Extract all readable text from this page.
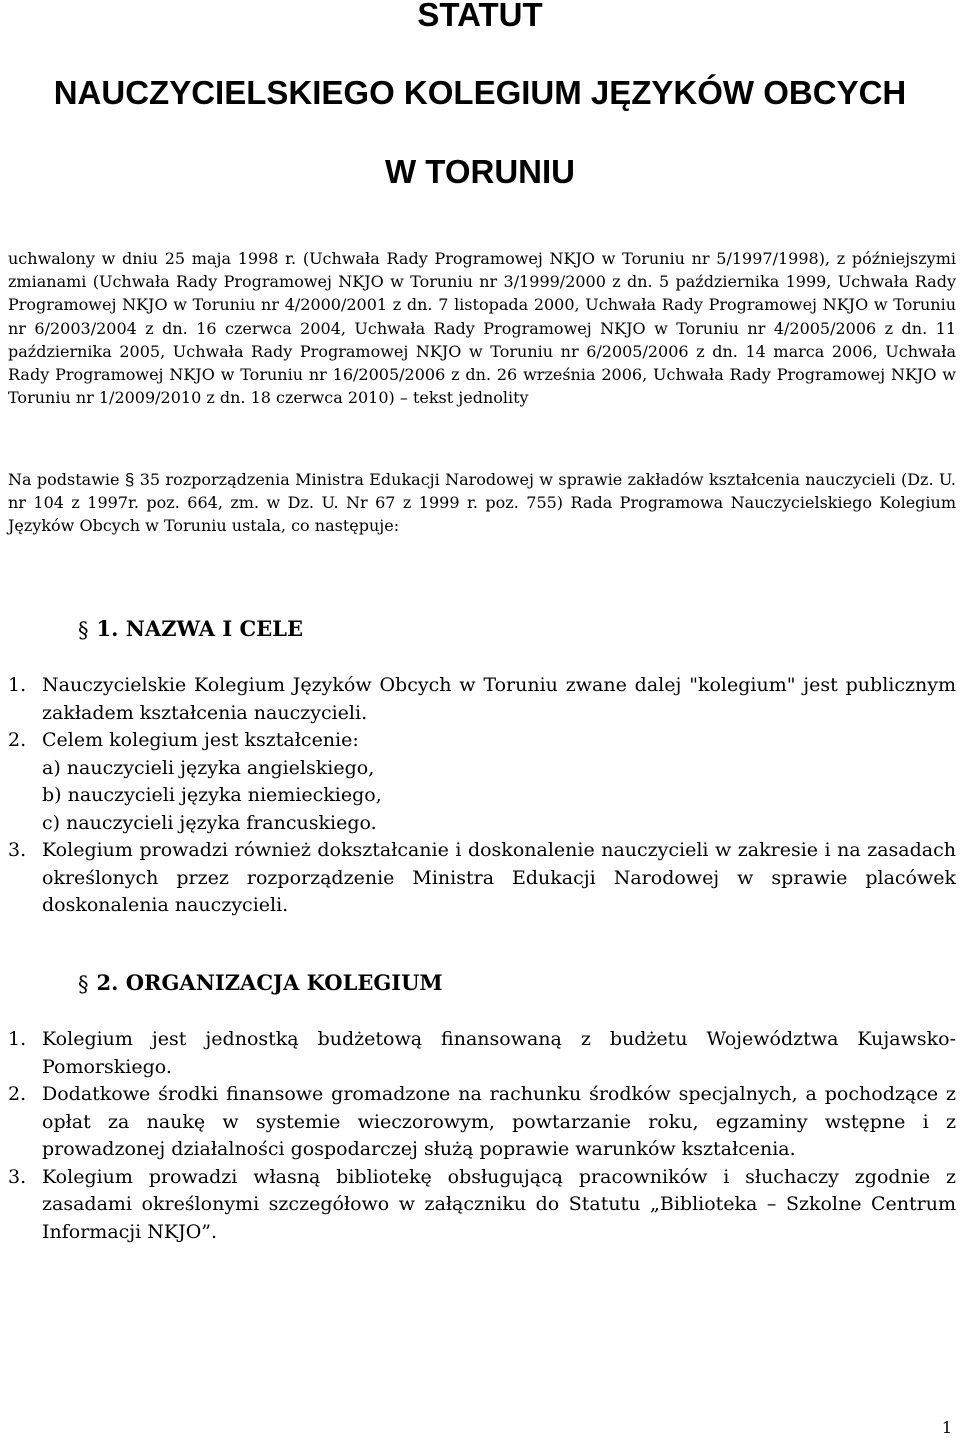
STATUT
NAUCZYCIELSKIEGO KOLEGIUM JĘZYKÓW OBCYCH
W TORUNIU

uchwalony w dniu 25 maja 1998 r. (Uchwała Rady Programowej NKJO w Toruniu nr 5/1997/1998), z późniejszymi zmianami (Uchwała Rady Programowej NKJO w Toruniu nr 3/1999/2000 z dn. 5 października 1999, Uchwała Rady Programowej NKJO w Toruniu nr 4/2000/2001 z dn. 7 listopada 2000, Uchwała Rady Programowej NKJO w Toruniu nr 6/2003/2004 z dn. 16 czerwca 2004, Uchwała Rady Programowej NKJO w Toruniu nr 4/2005/2006 z dn. 11 października 2005, Uchwała Rady Programowej NKJO w Toruniu nr 6/2005/2006 z dn. 14 marca 2006, Uchwała Rady Programowej NKJO w Toruniu nr 16/2005/2006 z dn. 26 września 2006, Uchwała Rady Programowej NKJO w Toruniu nr 1/2009/2010 z dn. 18 czerwca 2010) – tekst jednolity

Na podstawie § 35 rozporządzenia Ministra Edukacji Narodowej w sprawie zakładów kształcenia nauczycieli (Dz. U. nr 104 z 1997r. poz. 664, zm. w Dz. U. Nr 67 z 1999 r. poz. 755) Rada Programowa Nauczycielskiego Kolegium Języków Obcych w Toruniu ustala, co następuje:

§ 1. NAZWA I CELE
1. Nauczycielskie Kolegium Języków Obcych w Toruniu zwane dalej "kolegium" jest publicznym zakładem kształcenia nauczycieli.
2. Celem kolegium jest kształcenie:
a) nauczycieli języka angielskiego,
b) nauczycieli języka niemieckiego,
c) nauczycieli języka francuskiego.
3. Kolegium prowadzi również dokształcanie i doskonalenie nauczycieli w zakresie i na zasadach określonych przez rozporządzenie Ministra Edukacji Narodowej w sprawie placówek doskonalenia nauczycieli.
§ 2. ORGANIZACJA KOLEGIUM
1. Kolegium jest jednostką budżetową finansowaną z budżetu Województwa Kujawsko-Pomorskiego.
2. Dodatkowe środki finansowe gromadzone na rachunku środków specjalnych, a pochodzące z opłat za naukę w systemie wieczorowym, powtarzanie roku, egzaminy wstępne i z prowadzonej działalności gospodarczej służą poprawie warunków kształcenia.
3. Kolegium prowadzi własną bibliotekę obsługującą pracowników i słuchaczy zgodnie z zasadami określonymi szczegółowo w załączniku do Statutu „Biblioteka – Szkolne Centrum Informacji NKJO”.

1
